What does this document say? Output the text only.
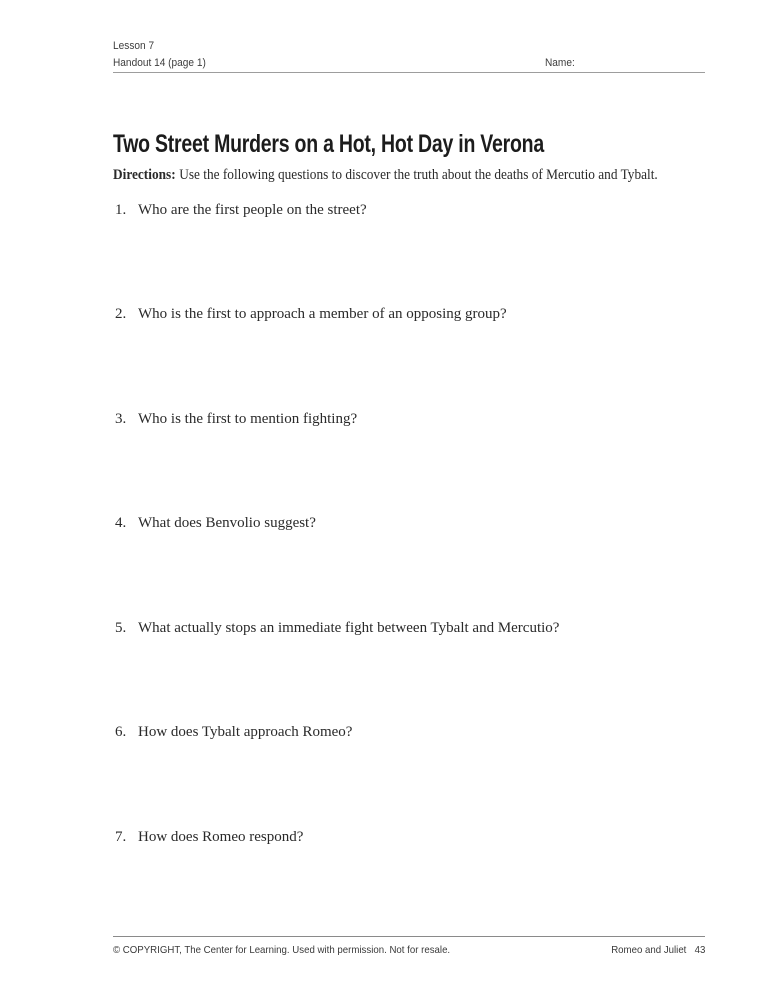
Lesson 7
Handout 14 (page 1)	Name:
Two Street Murders on a Hot, Hot Day in Verona
Directions: Use the following questions to discover the truth about the deaths of Mercutio and Tybalt.
1. Who are the first people on the street?
2. Who is the first to approach a member of an opposing group?
3. Who is the first to mention fighting?
4. What does Benvolio suggest?
5. What actually stops an immediate fight between Tybalt and Mercutio?
6. How does Tybalt approach Romeo?
7. How does Romeo respond?
© COPYRIGHT, The Center for Learning. Used with permission. Not for resale.	Romeo and Juliet 43
